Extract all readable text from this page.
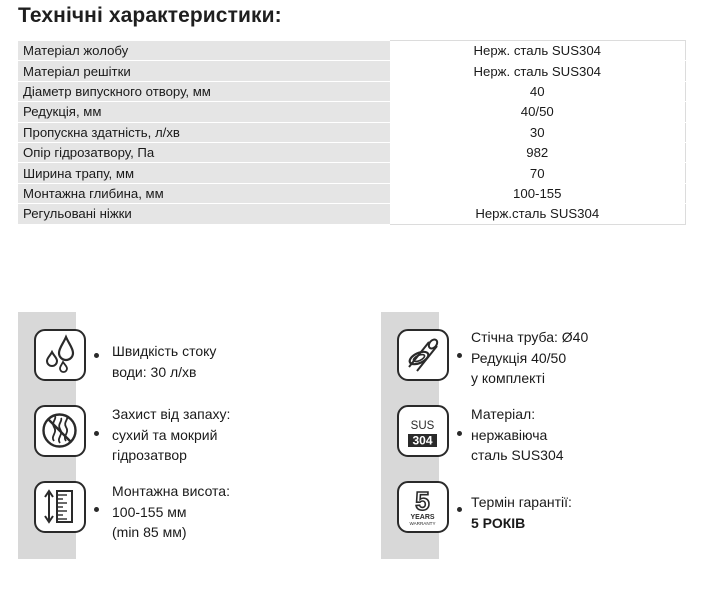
Технічні характеристики:
Матеріал жолобу	Нерж. сталь SUS304
Матеріал решітки	Нерж. сталь SUS304
Діаметр випускного отвору, мм	40
Редукція, мм	40/50
Пропускна здатність, л/хв	30
Опір гідрозатвору, Па	982
Ширина трапу, мм	70
Монтажна глибина, мм	100-155
Регульовані ніжки	Нерж.сталь SUS304
Швидкість стоку
води: 30 л/хв
Захист від запаху:
сухий та мокрий
гідрозатвор
Монтажна висота:
100-155 мм
(min 85 мм)
Стічна труба: Ø40
Редукція 40/50
у комплекті
SUS
304
Матеріал:
нержавіюча
сталь SUS304
5
YEARS
WARRANTY
Термін гарантії:
5 РОКІВ
